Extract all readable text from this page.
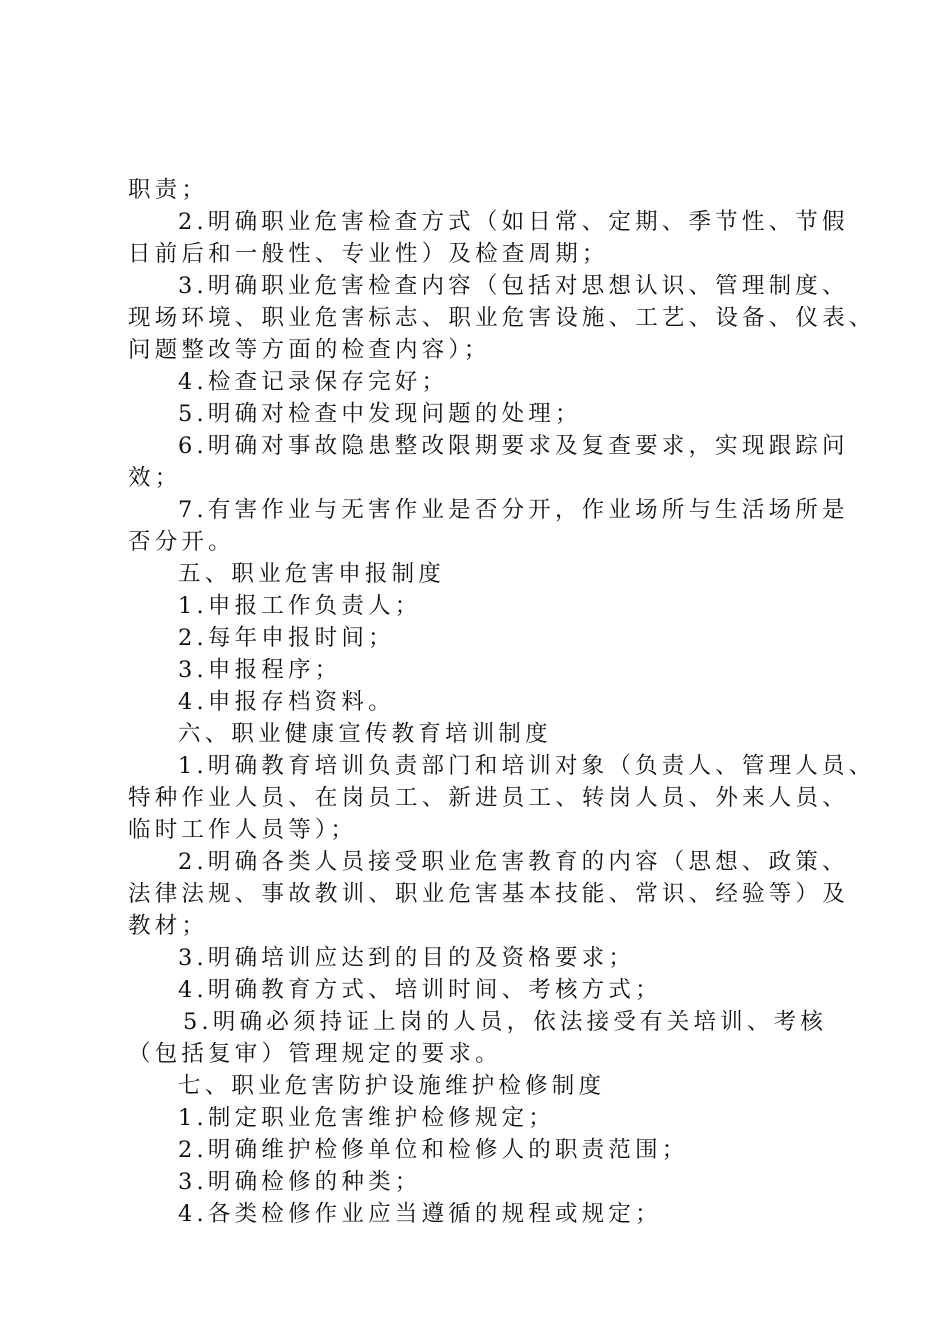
职责；
2.明确职业危害检查方式（如日常、定期、季节性、节假
日前后和一般性、专业性）及检查周期；
3.明确职业危害检查内容（包括对思想认识、管理制度、
现场环境、职业危害标志、职业危害设施、工艺、设备、仪表、
问题整改等方面的检查内容）；
4.检查记录保存完好；
5.明确对检查中发现问题的处理；
6.明确对事故隐患整改限期要求及复查要求，实现跟踪问
效；
7.有害作业与无害作业是否分开，作业场所与生活场所是
否分开。
五、职业危害申报制度
1.申报工作负责人；
2.每年申报时间；
3.申报程序；
4.申报存档资料。
六、职业健康宣传教育培训制度
1.明确教育培训负责部门和培训对象（负责人、管理人员、
特种作业人员、在岗员工、新进员工、转岗人员、外来人员、
临时工作人员等）；
2.明确各类人员接受职业危害教育的内容（思想、政策、
法律法规、事故教训、职业危害基本技能、常识、经验等）及
教材；
3.明确培训应达到的目的及资格要求；
4.明确教育方式、培训时间、考核方式；
5.明确必须持证上岗的人员，依法接受有关培训、考核
（包括复审）管理规定的要求。
七、职业危害防护设施维护检修制度
1.制定职业危害维护检修规定；
2.明确维护检修单位和检修人的职责范围；
3.明确检修的种类；
4.各类检修作业应当遵循的规程或规定；
